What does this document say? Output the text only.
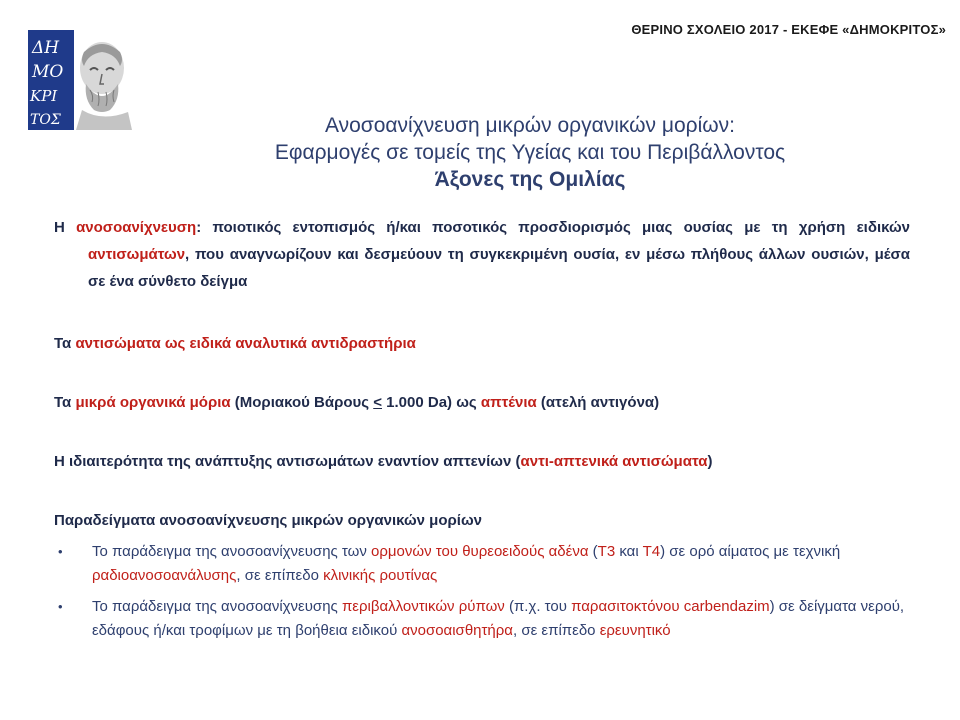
ΘΕΡΙΝΟ ΣΧΟΛΕΙΟ 2017 - ΕΚΕΦΕ «ΔΗΜΟΚΡΙΤΟΣ»
ΔΗ
ΜΟ
ΚΡΙ
ΤΟΣ	Ανοσοανίχνευση μικρών οργανικών μορίων:
Εφαρμογές σε τομείς της Υγείας και του Περιβάλλοντος
Άξονες της Ομιλίας
Η ανοσοανίχνευση: ποιοτικός εντοπισμός ή/και ποσοτικός προσδιορισμός μιας ουσίας με τη χρήση ειδικών αντισωμάτων, που αναγνωρίζουν και δεσμεύουν τη συγκεκριμένη ουσία, εν μέσω πλήθους άλλων ουσιών, μέσα σε ένα σύνθετο δείγμα
Τα αντισώματα ως ειδικά αναλυτικά αντιδραστήρια
Τα μικρά οργανικά μόρια (Μοριακού Βάρους < 1.000 Da) ως απτένια (ατελή αντιγόνα)
Η ιδιαιτερότητα της ανάπτυξης αντισωμάτων εναντίον απτενίων (αντι-απτενικά αντισώματα)
Παραδείγματα ανοσοανίχνευσης μικρών οργανικών μορίων
• Το παράδειγμα της ανοσοανίχνευσης των ορμονών του θυρεοειδούς αδένα (Τ3 και Τ4) σε ορό αίματος με τεχνική ραδιοανοσοανάλυσης, σε επίπεδο κλινικής ρουτίνας
• Το παράδειγμα της ανοσοανίχνευσης περιβαλλοντικών ρύπων (π.χ. του παρασιτοκτόνου carbendazim) σε δείγματα νερού, εδάφους ή/και τροφίμων με τη βοήθεια ειδικού ανοσοαισθητήρα, σε επίπεδο ερευνητικό
